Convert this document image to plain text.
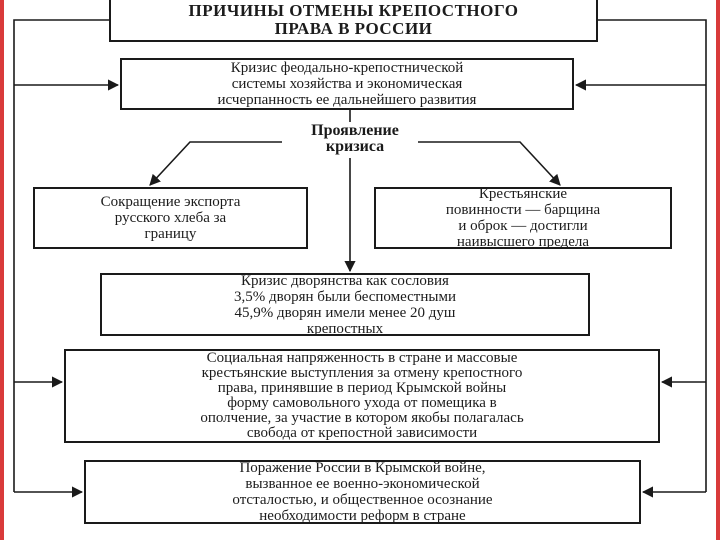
ПРИЧИНЫ ОТМЕНЫ КРЕПОСТНОГО
ПРАВА В РОССИИ
Кризис феодально-крепостнической
системы хозяйства и экономическая
исчерпанность ее дальнейшего развития
Проявление
кризиса
Сокращение экспорта
русского хлеба за
границу
Крестьянские
повинности — барщина
и оброк — достигли
наивысшего предела
Кризис дворянства как сословия
3,5% дворян были беспоместными
45,9% дворян имели менее 20 душ
крепостных
Социальная напряженность в стране и массовые
крестьянские выступления за отмену крепостного
права, принявшие в период Крымской войны
форму самовольного ухода от помещика в
ополчение, за участие в котором якобы полагалась
свобода от крепостной зависимости
Поражение России в Крымской войне,
вызванное ее военно-экономической
отсталостью, и общественное осознание
необходимости реформ в стране
